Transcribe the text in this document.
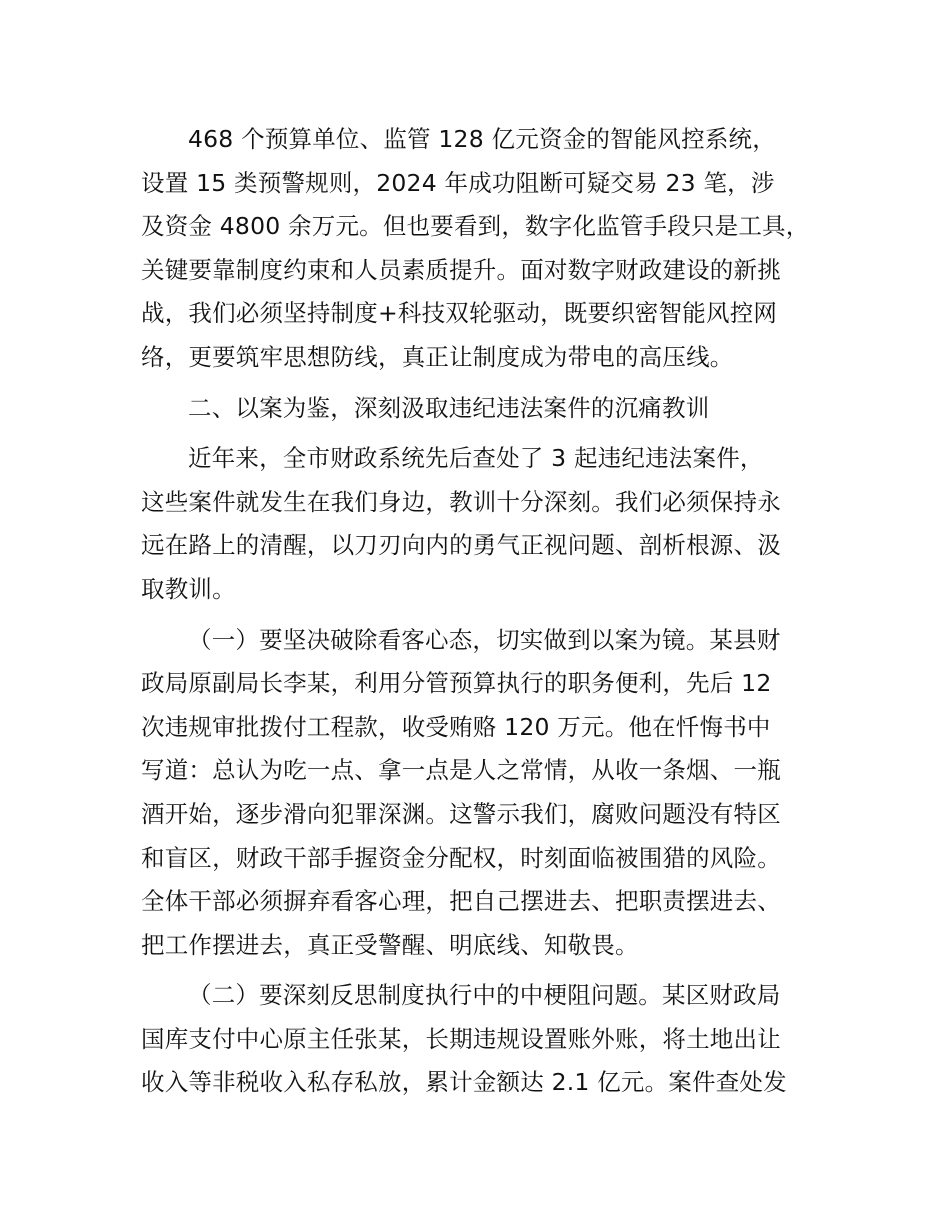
468 个预算单位、监管 128 亿元资金的智能风控系统，
设置 15 类预警规则，2024 年成功阻断可疑交易 23 笔，涉
及资金 4800 余万元。但也要看到，数字化监管手段只是工具，
关键要靠制度约束和人员素质提升。面对数字财政建设的新挑
战，我们必须坚持制度+科技双轮驱动，既要织密智能风控网
络，更要筑牢思想防线，真正让制度成为带电的高压线。
二、以案为鉴，深刻汲取违纪违法案件的沉痛教训
近年来，全市财政系统先后查处了 3 起违纪违法案件，
这些案件就发生在我们身边，教训十分深刻。我们必须保持永
远在路上的清醒，以刀刃向内的勇气正视问题、剖析根源、汲
取教训。
（一）要坚决破除看客心态，切实做到以案为镜。某县财
政局原副局长李某，利用分管预算执行的职务便利，先后 12
次违规审批拨付工程款，收受贿赂 120 万元。他在忏悔书中
写道：总认为吃一点、拿一点是人之常情，从收一条烟、一瓶
酒开始，逐步滑向犯罪深渊。这警示我们，腐败问题没有特区
和盲区，财政干部手握资金分配权，时刻面临被围猎的风险。
全体干部必须摒弃看客心理，把自己摆进去、把职责摆进去、
把工作摆进去，真正受警醒、明底线、知敬畏。
（二）要深刻反思制度执行中的中梗阻问题。某区财政局
国库支付中心原主任张某，长期违规设置账外账，将土地出让
收入等非税收入私存私放，累计金额达 2.1 亿元。案件查处发
